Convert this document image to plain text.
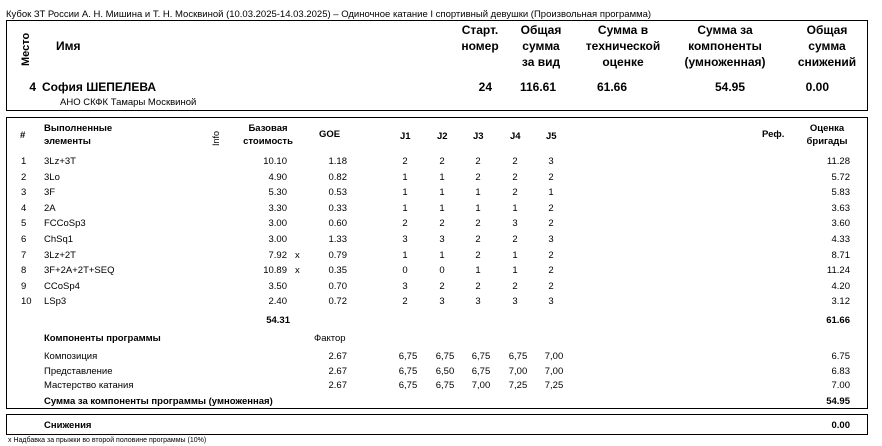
Кубок ЗТ России А. Н. Мишина и Т. Н. Москвиной (10.03.2025-14.03.2025) – Одиночное катание I спортивный девушки (Произвольная программа)
Место Имя
Старт.
номер
Общая
сумма
за вид
Сумма в
технической
оценке
Сумма за
компоненты
(умноженная)
Общая
сумма
снижений
4 София ШЕПЕЛЕВА
АНО СКФК Тамары Москвиной
24	116.61	61.66	54.95	0.00
#
Выполненные
элементы	Info
Базовая
стоимость
GOE	J1	J2	J3	J4	J5	Реф.
Оценка
бригады
1 3Lz+3T	10.10	1.18	2	2	2	2	3	11.28
2 3Lo	4.90	0.82	1	1	2	2	2	5.72
3 3F	5.30	0.53	1	1	1	2	1	5.83
4 2A	3.30	0.33	1	1	1	1	2	3.63
5 FCCoSp3	3.00	0.60	2	2	2	3	2	3.60
6 ChSq1	3.00	1.33	3	3	2	2	3	4.33
7 3Lz+2T	7.92 x	0.79	1	1	2	1	2	8.71
8 3F+2A+2T+SEQ	10.89 x	0.35	0	0	1	1	2	11.24
9 CCoSp4	3.50	0.70	3	2	2	2	2	4.20
10 LSp3	2.40	0.72	2	3	3	3	3	3.12
54.31	61.66
Компоненты программы	Фактор
Композиция	2.67	6,75 6,75 6,75 6,75 7,00	6.75
Представление	2.67	6,75 6,50 6,75 7,00 7,00	6.83
Мастерство катания	2.67	6,75 6,75 7,00 7,25 7,25	7.00
Сумма за компоненты программы (умноженная)	54.95
Снижения	0.00
x Надбавка за прыжки во второй половине программы (10%)
